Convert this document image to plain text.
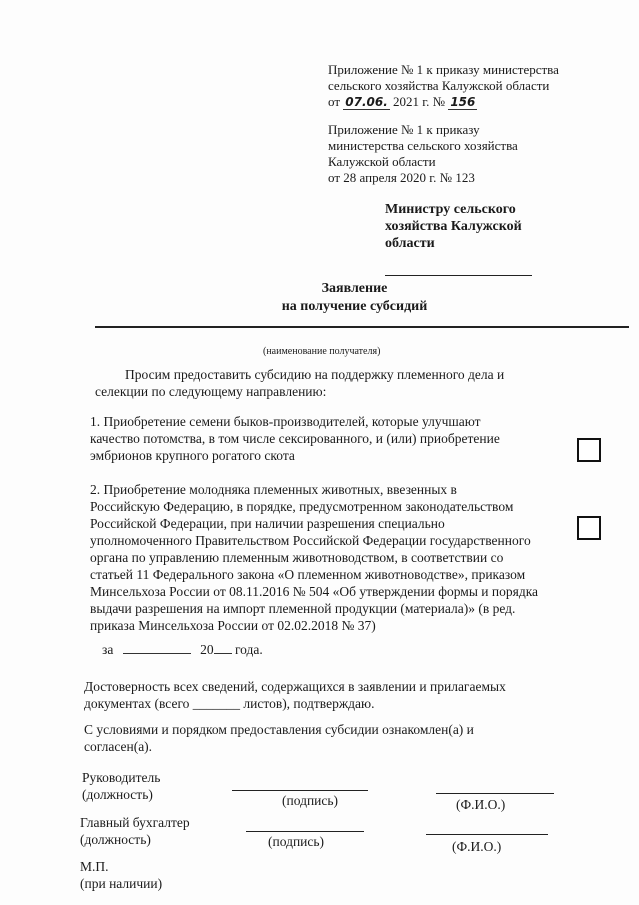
Приложение № 1 к приказу министерства
сельского хозяйства Калужской области
от 07.06. 2021 г. № 156
Приложение № 1 к приказу
министерства сельского хозяйства
Калужской области
от 28 апреля 2020 г. № 123
Министру сельского
хозяйства Калужской
области
Заявление
на получение субсидий
(наименование получателя)
Просим предоставить субсидию на поддержку племенного дела и
селекции по следующему направлению:
1. Приобретение семени быков-производителей, которые улучшают
качество потомства, в том числе сексированного, и (или) приобретение
эмбрионов крупного рогатого скота
2. Приобретение молодняка племенных животных, ввезенных в
Российскую Федерацию, в порядке, предусмотренном законодательством
Российской Федерации, при наличии разрешения специально
уполномоченного Правительством Российской Федерации государственного
органа по управлению племенным животноводством, в соответствии со
статьей 11 Федерального закона «О племенном животноводстве», приказом
Минсельхоза России от 08.11.2016 № 504 «Об утверждении формы и порядка
выдачи разрешения на импорт племенной продукции (материала)» (в ред.
приказа Минсельхоза России от 02.02.2018 № 37)
за	20 года.
Достоверность всех сведений, содержащихся в заявлении и прилагаемых
документах (всего _______ листов), подтверждаю.
С условиями и порядком предоставления субсидии ознакомлен(а) и
согласен(а).
Руководитель
(должность)	(подпись)	(Ф.И.О.)
Главный бухгалтер
(должность)	(подпись)	(Ф.И.О.)
М.П.
(при наличии)
